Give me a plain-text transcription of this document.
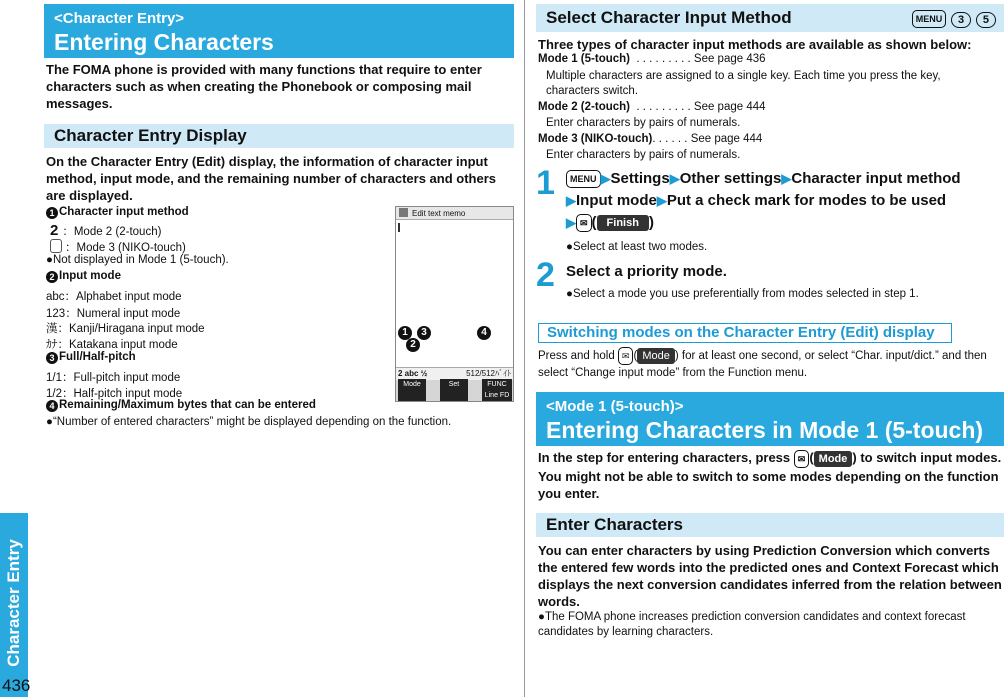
Character Entry
436
<Character Entry>
Entering Characters
The FOMA phone is provided with many functions that require to enter characters such as when creating the Phonebook or composing mail messages.
Character Entry Display
On the Character Entry (Edit) display, the information of character input method, input mode, and the remaining number of characters and others are displayed.
1 Character input method
2 ：Mode 2 (2-touch)
：Mode 3 (NIKO-touch)
●Not displayed in Mode 1 (5-touch).
2 Input mode
abc：Alphabet input mode
123：Numeral input mode
漢：Kanji/Hiragana input mode
ｶﾅ：Katakana input mode
3 Full/Half-pitch
1/1：Full-pitch input mode
1/2：Half-pitch input mode
4 Remaining/Maximum bytes that can be entered
●“Number of entered characters” might be displayed depending on the function.
Edit text memo
1
2
3	4
2 abc ½	512/512ﾊﾞｲﾄ
Mode	Set	FUNC
Line FD
Select Character Input Method	MENU 3 5
Three types of character input methods are available as shown below:
Mode 1 (5-touch) . . . . . . . . . See page 436
Multiple characters are assigned to a single key. Each time you press the key, characters switch.
Mode 2 (2-touch) . . . . . . . . . See page 444
Enter characters by pairs of numerals.
Mode 3 (NIKO-touch). . . . . . See page 444
Enter characters by pairs of numerals.
1	MENU ▶Settings▶Other settings▶Character input method
▶Input mode▶Put a check mark for modes to be used
▶ ✉ ( Finish )
●Select at least two modes.
2 Select a priority mode.
●Select a mode you use preferentially from modes selected in step 1.
Switching modes on the Character Entry (Edit) display
Press and hold ✉ ( Mode ) for at least one second, or select “Char. input/dict.” and then select “Change input mode” from the Function menu.
<Mode 1 (5-touch)>
Entering Characters in Mode 1 (5-touch)
In the step for entering characters, press ✉ ( Mode ) to switch input modes. You might not be able to switch to some modes depending on the function you enter.
Enter Characters
You can enter characters by using Prediction Conversion which converts the entered few words into the predicted ones and Context Forecast which displays the next conversion candidates inferred from the relation between words.
●The FOMA phone increases prediction conversion candidates and context forecast candidates by learning characters.
